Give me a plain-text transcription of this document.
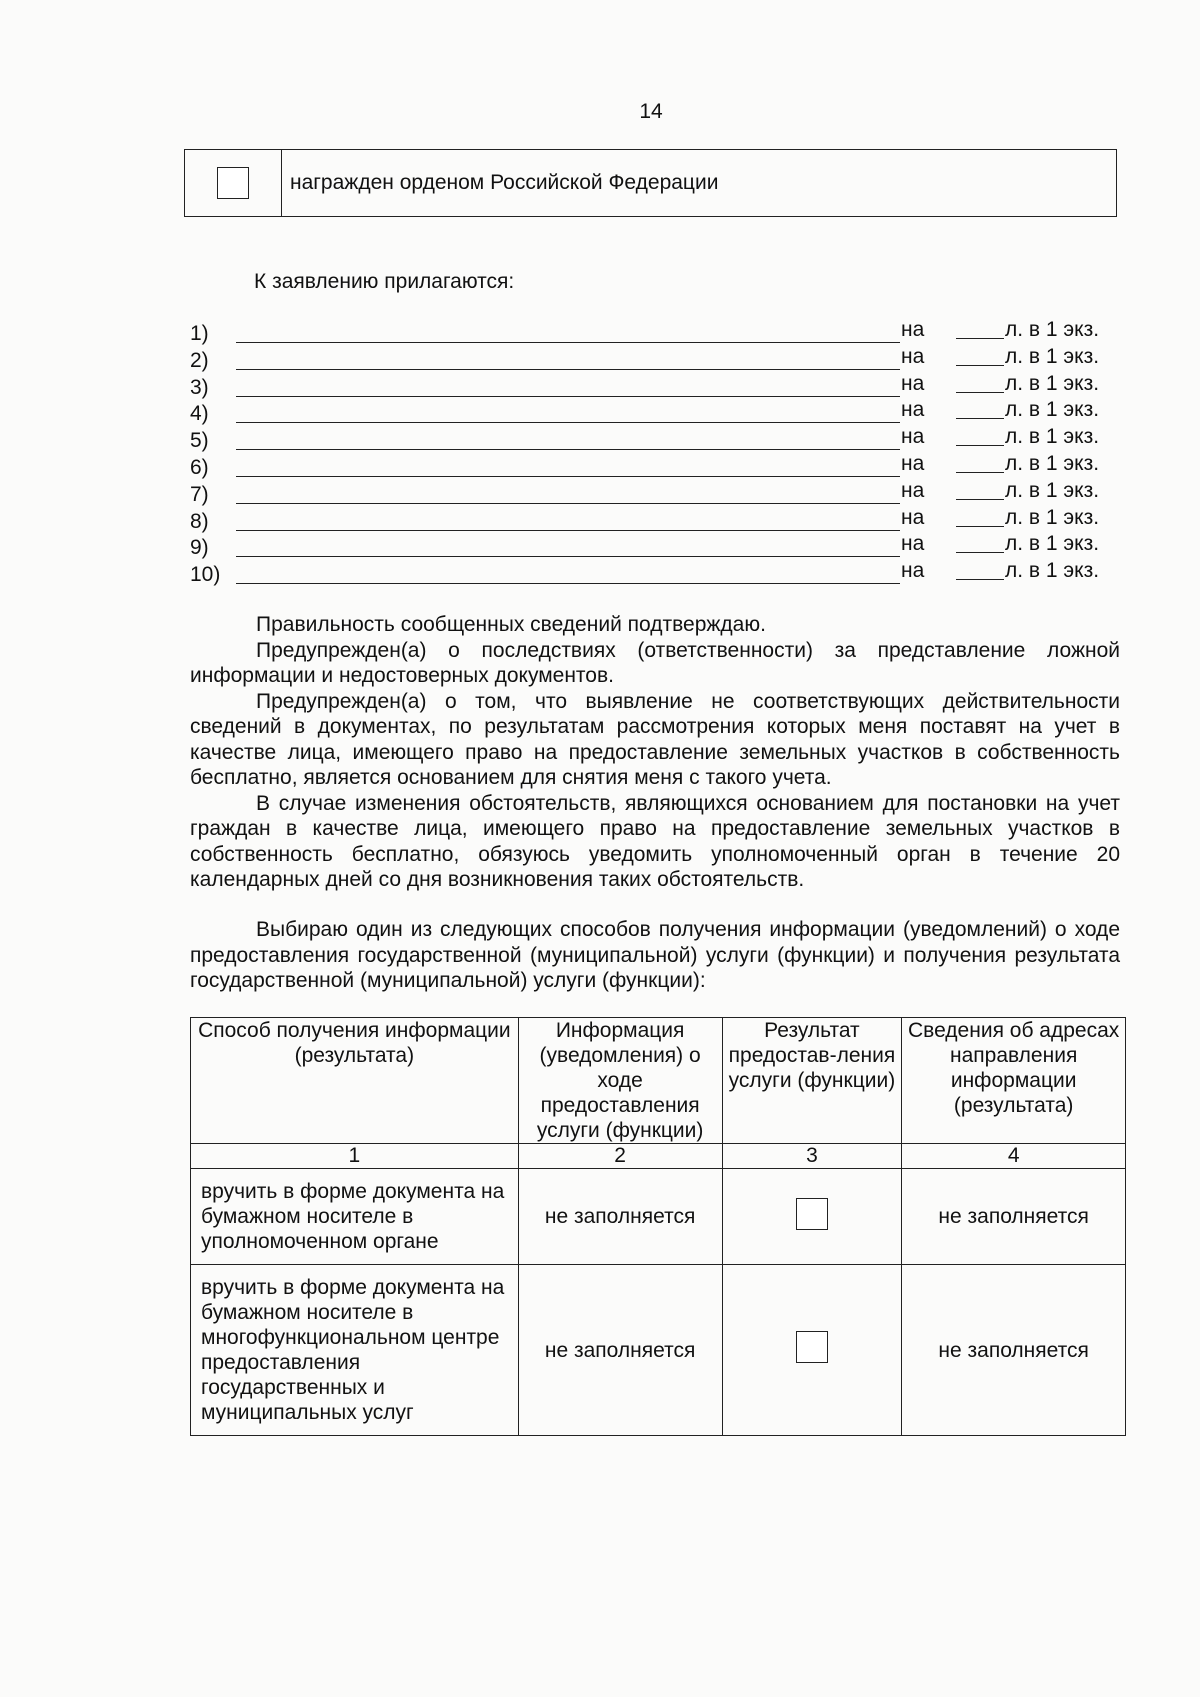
14
награжден орденом Российской Федерации
К заявлению прилагаются:
1)	на	л. в 1 экз.
2)	на	л. в 1 экз.
3)	на	л. в 1 экз.
4)	на	л. в 1 экз.
5)	на	л. в 1 экз.
6)	на	л. в 1 экз.
7)	на	л. в 1 экз.
8)	на	л. в 1 экз.
9)	на	л. в 1 экз.
10)	на	л. в 1 экз.

Правильность сообщенных сведений подтверждаю.

Предупрежден(а) о последствиях (ответственности) за представление ложной информации и недостоверных документов.

Предупрежден(а) о том, что выявление не соответствующих действительности сведений в документах, по результатам рассмотрения которых меня поставят на учет в качестве лица, имеющего право на предоставление земельных участков в собственность бесплатно, является основанием для снятия меня с такого учета.

В случае изменения обстоятельств, являющихся основанием для постановки на учет граждан в качестве лица, имеющего право на предоставление земельных участков в собственность бесплатно, обязуюсь уведомить уполномоченный орган в течение 20 календарных дней со дня возникновения таких обстоятельств.

Выбираю один из следующих способов получения информации (уведомлений) о ходе предоставления государственной (муниципальной) услуги (функции) и получения результата государственной (муниципальной) услуги (функции):

Способ получения информации (результата)	Информация (уведомления) о ходе предоставления услуги (функции)	Результат предостав-ления услуги (функции)	Сведения об адресах направления информации (результата)
1	2	3	4
вручить в форме документа на бумажном носителе в уполномоченном органе	не заполняется		не заполняется
вручить в форме документа на бумажном носителе в многофункциональном центре предоставления государственных и муниципальных услуг	не заполняется		не заполняется
